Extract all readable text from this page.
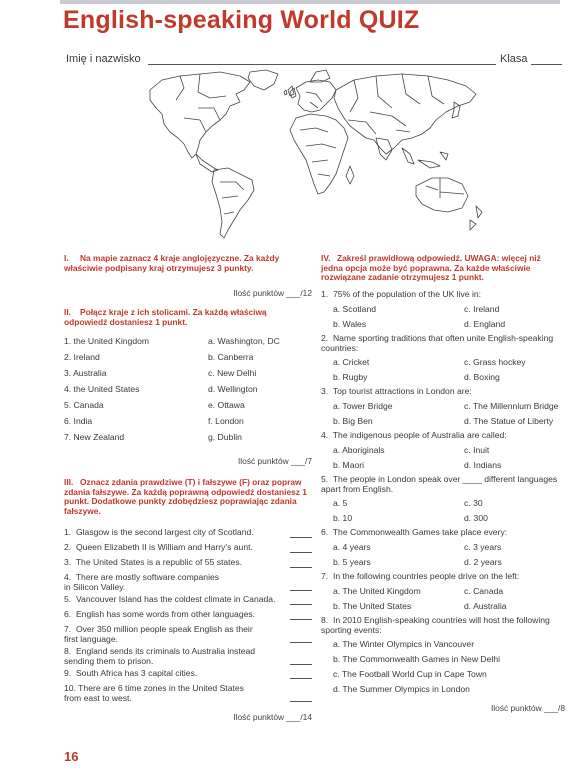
English-speaking World QUIZ
Imię i nazwisko	Klasa
I. Na mapie zaznacz 4 kraje anglojęzyczne. Za każdy właściwie podpisany kraj otrzymujesz 3 punkty.
Ilość punktów ___/12
II. Połącz kraje z ich stolicami. Za każdą właściwą odpowiedź dostaniesz 1 punkt.
1. the United Kingdom	a. Washington, DC
2. Ireland	b. Canberra
3. Australia	c. New Delhi
4. the United States	d. Wellington
5. Canada	e. Ottawa
6. India	f. London
7. New Zealand	g. Dublin
Ilość punktów ___/7
III. Oznacz zdania prawdziwe (T) i fałszywe (F) oraz popraw zdania fałszywe. Za każdą poprawną odpowiedź dostaniesz 1 punkt. Dodatkowe punkty zdobędziesz poprawiając zdania fałszywe.
1.  Glasgow is the second largest city of Scotland.
2.  Queen Elizabeth II is William and Harry's aunt.
3.  The United States is a republic of 55 states.
4.  There are mostly software companies
in Silicon Valley.
5.  Vancouver Island has the coldest climate in Canada.
6.  English has some words from other languages.
7.  Over 350 million people speak English as their
first language.
8.  England sends its criminals to Australia instead
sending them to prison.
9.  South Africa has 3 capital cities.
10. There are 6 time zones in the United States
from east to west.
Ilość punktów ___/14
IV. Zakreśl prawidłową odpowiedź. UWAGA: więcej niż jedna opcja może być poprawna. Za każde właściwie rozwiązane zadanie otrzymujesz 1 punkt.
1.  75% of the population of the UK live in:
a. Scotland
b. Wales
c. Ireland
d. England
2.  Name sporting traditions that often unite English-speaking
countries:
a. Cricket
b. Rugby
c. Grass hockey
d. Boxing
3.  Top tourist attractions in London are:
a. Tower Bridge
b. Big Ben
c. The Millennium Bridge
d. The Statue of Liberty
4.  The indigenous people of Australia are called:
a. Aboriginals
b. Maori
c. Inuit
d. Indians
5.  The people in London speak over ____ different languages
apart from English.
a. 5
b. 10
c. 30
d. 300
6.  The Commonwealth Games take place every:
a. 4 years
b. 5 years
c. 3 years
d. 2 years
7.  In the following countries people drive on the left:
a. The United Kingdom
b. The United States
c. Canada
d. Australia
8.  In 2010 English-speaking countries will host the following
sporting events:
a. The Winter Olympics in Vancouver
b. The Commonwealth Games in New Delhi
c. The Football World Cup in Cape Town
d. The Summer Olympics in London
Ilość punktów ___/8
16
